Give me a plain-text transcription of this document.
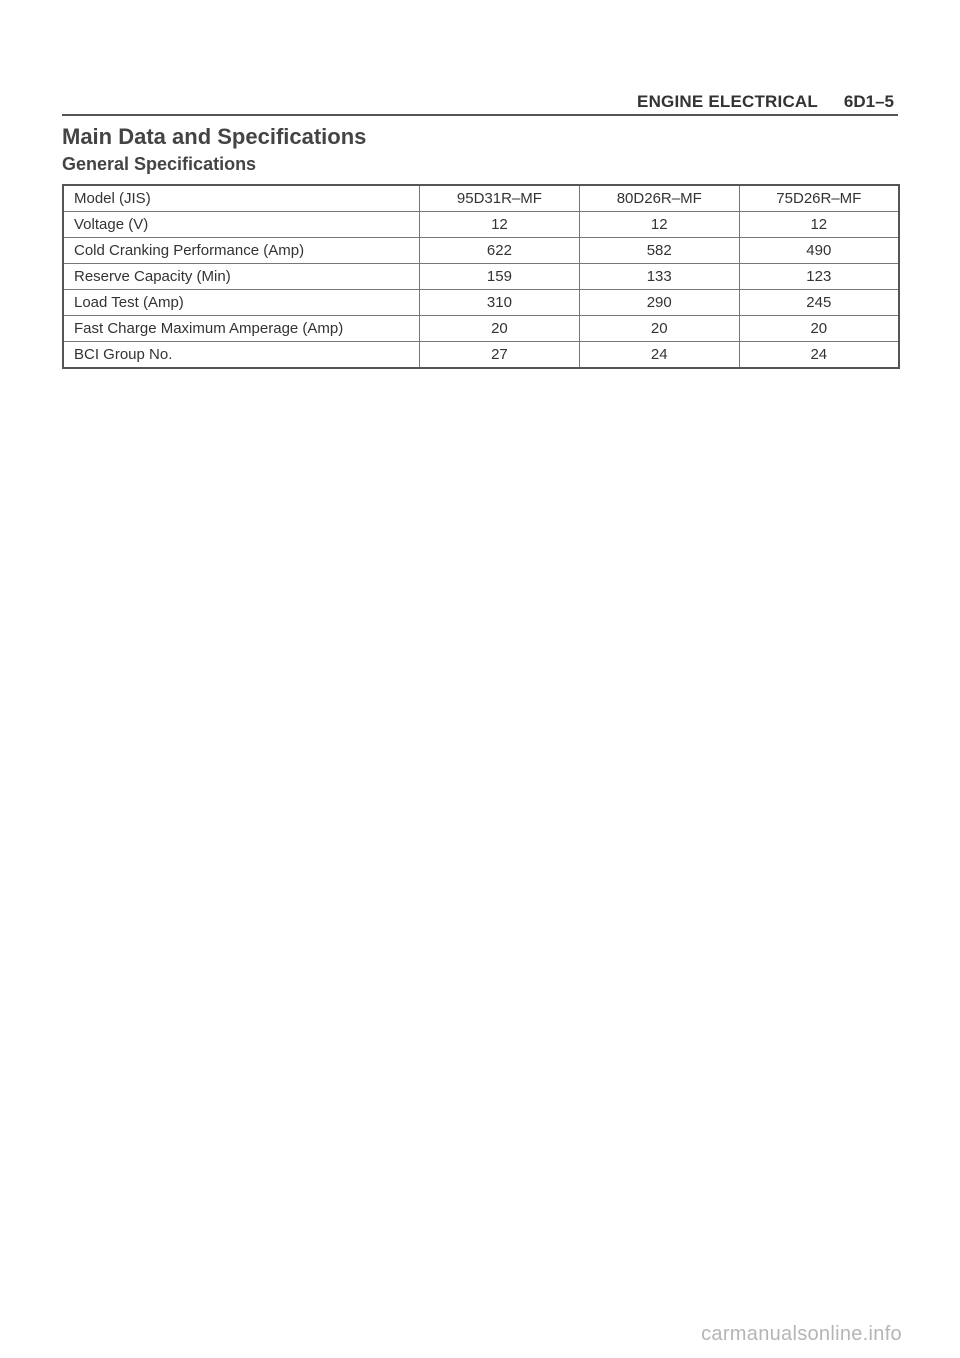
ENGINE ELECTRICAL 6D1–5
Main Data and Specifications
General Specifications
Model (JIS)	95D31R–MF	80D26R–MF	75D26R–MF
Voltage (V)	12	12	12
Cold Cranking Performance (Amp)	622	582	490
Reserve Capacity (Min)	159	133	123
Load Test (Amp)	310	290	245
Fast Charge Maximum Amperage (Amp)	20	20	20
BCI Group No.	27	24	24
carmanualsonline.info
